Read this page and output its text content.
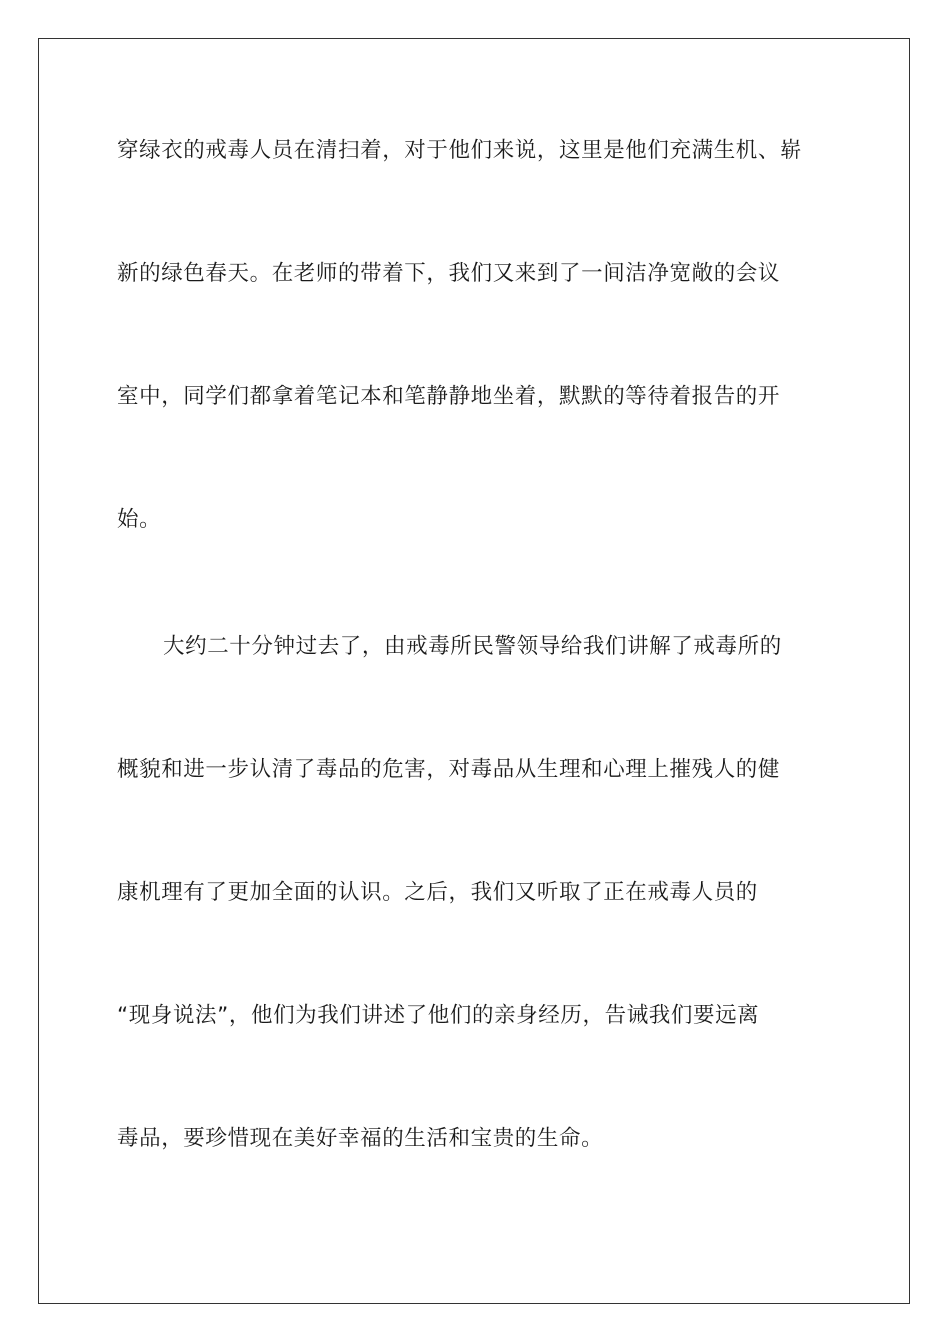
穿绿衣的戒毒人员在清扫着，对于他们来说，这里是他们充满生机、崭
新的绿色春天。在老师的带着下，我们又来到了一间洁净宽敞的会议
室中，同学们都拿着笔记本和笔静静地坐着，默默的等待着报告的开
始。
大约二十分钟过去了，由戒毒所民警领导给我们讲解了戒毒所的
概貌和进一步认清了毒品的危害，对毒品从生理和心理上摧残人的健
康机理有了更加全面的认识。之后，我们又听取了正在戒毒人员的
“现身说法”，他们为我们讲述了他们的亲身经历，告诫我们要远离
毒品，要珍惜现在美好幸福的生活和宝贵的生命。
